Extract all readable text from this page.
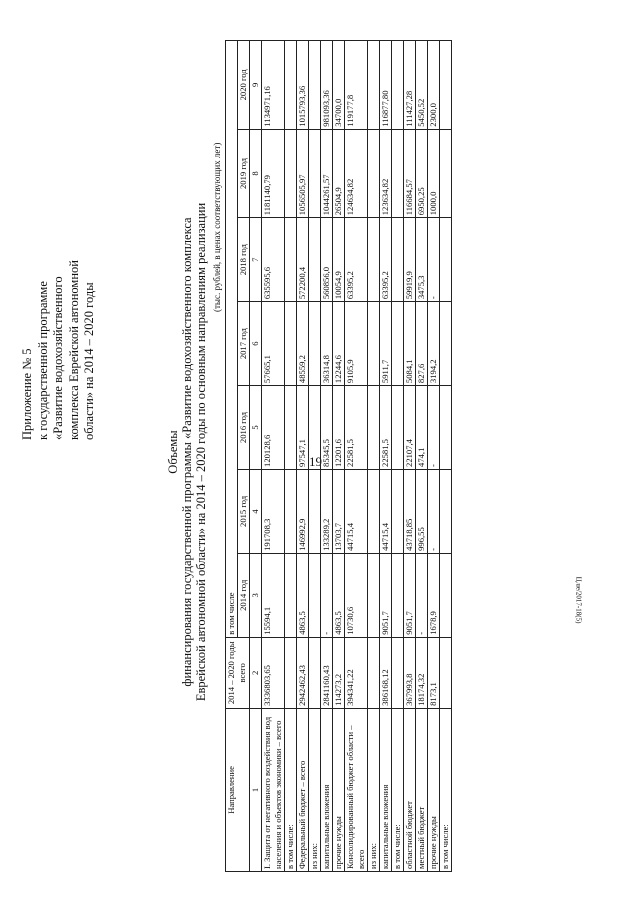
19
Ц.ue/2017-18(5)
Приложение № 5 к государственной программе «Развитие водохозяйственного комплекса Еврейской автономной области» на 2014 – 2020 годы
Объемы финансирования государственной программы «Развитие водохозяйственного комплекса Еврейской автономной области» на 2014 – 2020 годы по основным направлениям реализации (тыс. рублей, в ценах соответствующих лет)
Направление	2014 – 2020 годы всего	в том числе						
		2014 год	2015 год	2016 год	2017 год	2018 год	2019 год	2020 год
1	2	3	4	5	6	7	8	9
I. Защита от негативного воздействия вод населения и объектов экономики – всего	3336803,65	15594,1	191708,3	120128,6	57665,1	635595,6	1181140,79	1134971,16
в том числе:								
Федеральный бюджет – всего	2942462,43	4863,5	146992,9	97547,1	48559,2	572200,4	1056505,97	1015793,36
из них:								
капитальные вложения	2841160,43	-	133289,2	85345,5	36314,8	560856,0	1044261,57	981093,36
прочие нужды	114273,2	4863,5	13703,7	12201,6	12244,6	10054,9	26504,9	34700,0
Консолидированный бюджет области – всего	394341,22	10730,6	44715,4	22581,5	9105,9	63395,2	124634,82	119177,8
из них:								
капитальные вложения	386168,12	9051,7	44715,4	22581,5	5911,7	63395,2	123634,82	116877,80
в том числе:								
областной бюджет	367993,8	9051,7	43718,85	22107,4	5084,1	59919,9	116684,57	111427,28
местный бюджет	18174,32	-	996,55	474,1	827,6	3475,3	6950,25	5450,52
прочие нужды	8173,1	1678,9	-	-	3194,2	-	1000,0	2300,0
в том числе:								
